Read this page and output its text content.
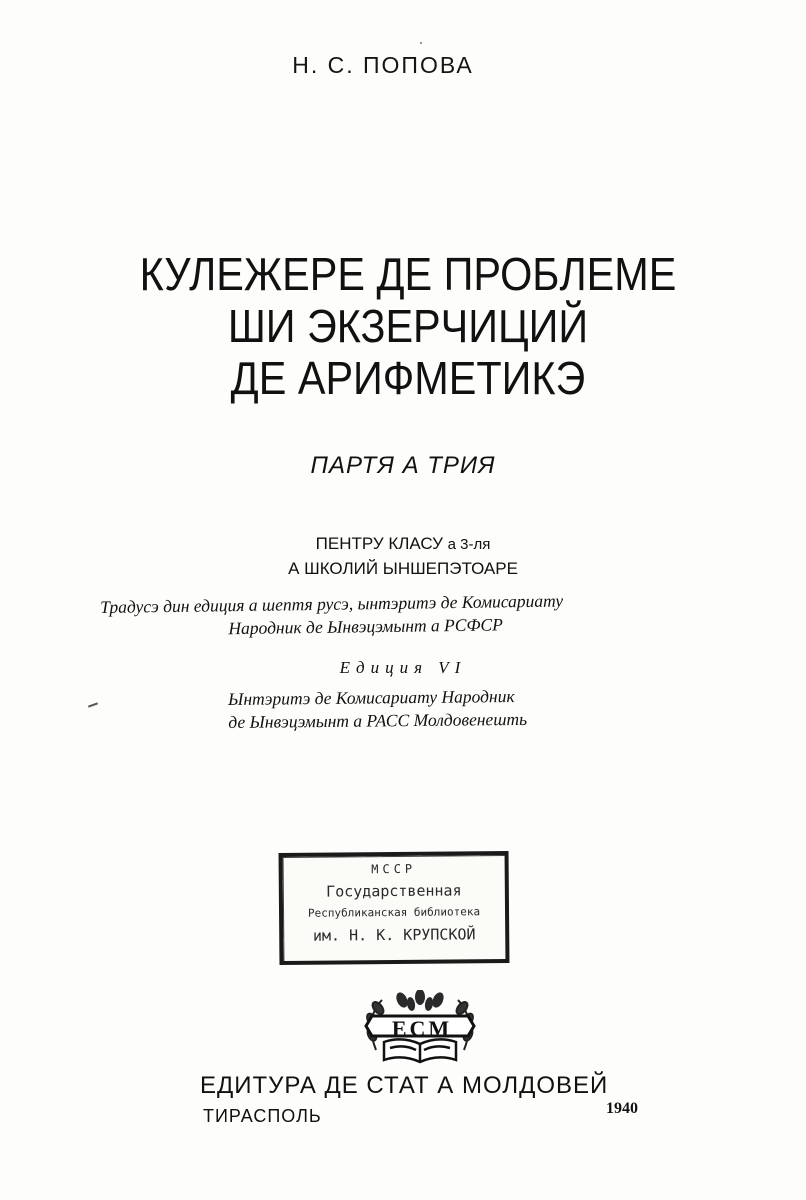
Н. С. ПОПОВА
КУЛЕЖЕРЕ ДЕ ПРОБЛЕМЕ
ШИ ЭКЗЕРЧИЦИЙ
ДЕ АРИФМЕТИКЭ
ПАРТЯ А ТРИЯ
ПЕНТРУ КЛАСУ а 3-ля
А ШКОЛИЙ ЫНШЕПЭТОАРЕ
Традусэ дин едиция а шептя русэ, ынтэритэ де Комисариату
Народник де Ынвэцэмынт а РСФСР
Едиция VI
Ынтэритэ де Комисариату Народник
де Ынвэцэмынт а РАСС Молдовенешть
МССР
Государственная
Республиканская библиотека
им. Н. К. КРУПСКОЙ
ЕСМ
ЕДИТУРА ДЕ СТАТ А МОЛДОВЕЙ
ТИРАСПОЛЬ	1940
